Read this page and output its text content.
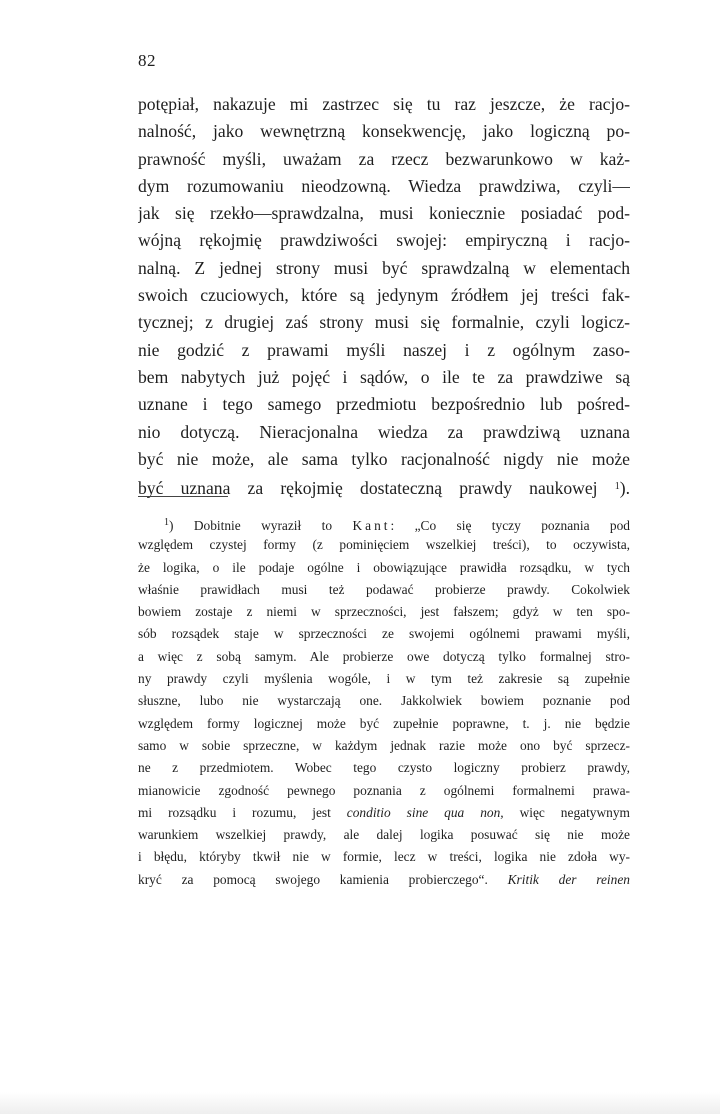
82
potępiał, nakazuje mi zastrzec się tu raz jeszcze, że racjo-
nalność, jako wewnętrzną konsekwencję, jako logiczną po-
prawność myśli, uważam za rzecz bezwarunkowo w każ-
dym rozumowaniu nieodzowną. Wiedza prawdziwa, czyli—
jak się rzekło—sprawdzalna, musi koniecznie posiadać pod-
wójną rękojmię prawdziwości swojej: empiryczną i racjo-
nalną. Z jednej strony musi być sprawdzalną w elementach
swoich czuciowych, które są jedynym źródłem jej treści fak-
tycznej; z drugiej zaś strony musi się formalnie, czyli logicz-
nie godzić z prawami myśli naszej i z ogólnym zaso-
bem nabytych już pojęć i sądów, o ile te za prawdziwe są
uznane i tego samego przedmiotu bezpośrednio lub pośred-
nio dotyczą. Nieracjonalna wiedza za prawdziwą uznana
być nie może, ale sama tylko racjonalność nigdy nie może
być uznana za rękojmię dostateczną prawdy naukowej $^1$).
$^1$) Dobitnie wyraził to Kant: „Co się tyczy poznania pod
względem czystej formy (z pominięciem wszelkiej treści), to oczywista,
że logika, o ile podaje ogólne i obowiązujące prawidła rozsądku, w tych
właśnie prawidłach musi też podawać probierze prawdy. Cokolwiek
bowiem zostaje z niemi w sprzeczności, jest fałszem; gdyż w ten spo-
sób rozsądek staje w sprzeczności ze swojemi ogólnemi prawami myśli,
a więc z sobą samym. Ale probierze owe dotyczą tylko formalnej stro-
ny prawdy czyli myślenia wogóle, i w tym też zakresie są zupełnie
słuszne, lubo nie wystarczają one. Jakkolwiek bowiem poznanie pod
względem formy logicznej może być zupełnie poprawne, t. j. nie będzie
samo w sobie sprzeczne, w każdym jednak razie może ono być sprzecz-
ne z przedmiotem. Wobec tego czysto logiczny probierz prawdy,
mianowicie zgodność pewnego poznania z ogólnemi formalnemi prawa-
mi rozsądku i rozumu, jest conditio sine qua non, więc negatywnym
warunkiem wszelkiej prawdy, ale dalej logika posuwać się nie może
i błędu, któryby tkwił nie w formie, lecz w treści, logika nie zdoła wy-
kryć za pomocą swojego kamienia probierczego“. Kritik der reinen
